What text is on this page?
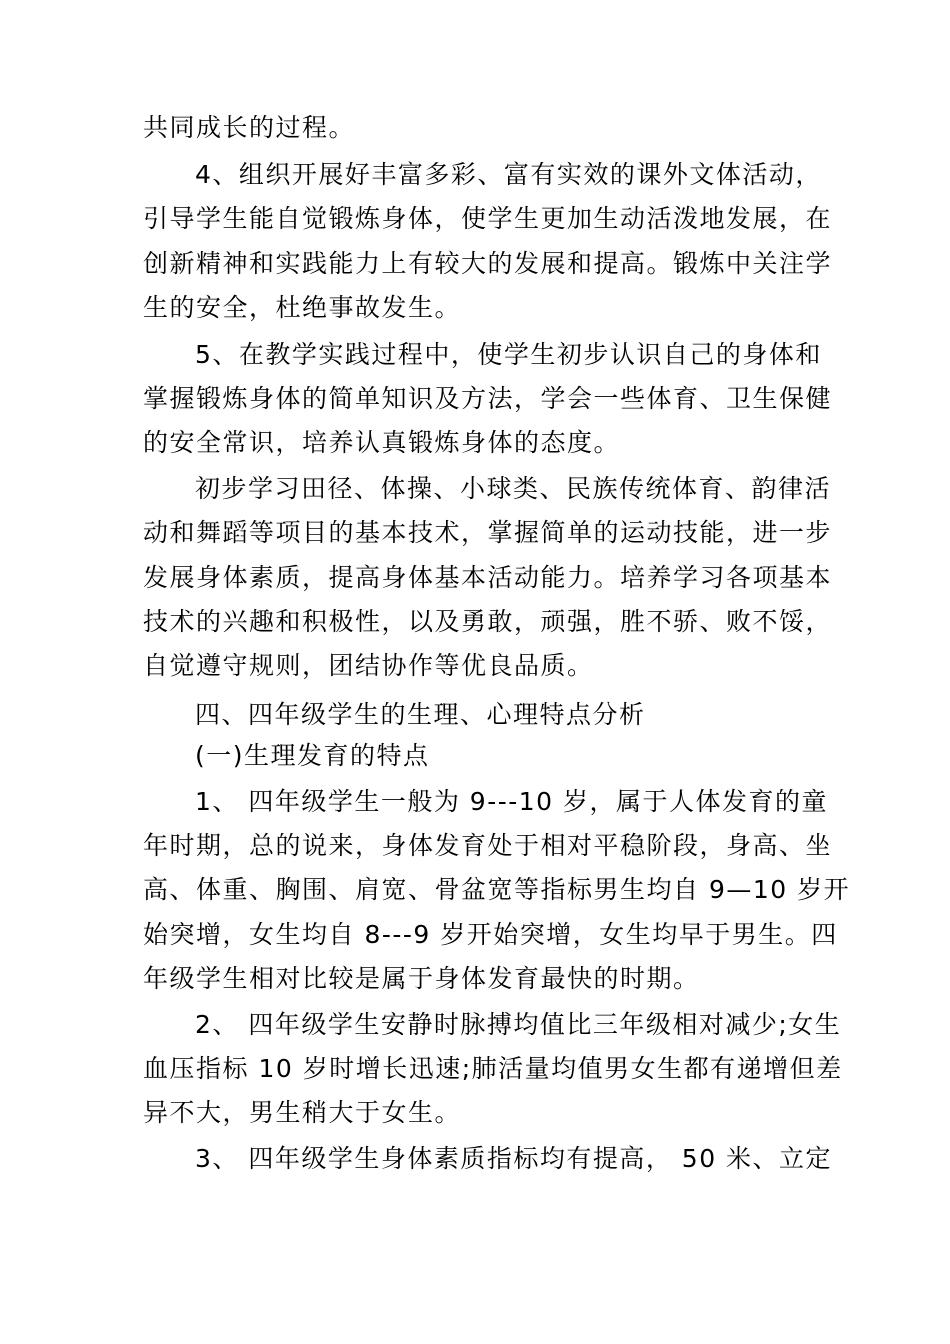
共同成长的过程。
4、组织开展好丰富多彩、富有实效的课外文体活动，
引导学生能自觉锻炼身体，使学生更加生动活泼地发展，在
创新精神和实践能力上有较大的发展和提高。锻炼中关注学
生的安全，杜绝事故发生。
5、在教学实践过程中，使学生初步认识自己的身体和
掌握锻炼身体的简单知识及方法，学会一些体育、卫生保健
的安全常识，培养认真锻炼身体的态度。
初步学习田径、体操、小球类、民族传统体育、韵律活
动和舞蹈等项目的基本技术，掌握简单的运动技能，进一步
发展身体素质，提高身体基本活动能力。培养学习各项基本
技术的兴趣和积极性，以及勇敢，顽强，胜不骄、败不馁，
自觉遵守规则，团结协作等优良品质。
四、四年级学生的生理、心理特点分析
(一)生理发育的特点
1、 四年级学生一般为 9---10 岁，属于人体发育的童
年时期，总的说来，身体发育处于相对平稳阶段，身高、坐
高、体重、胸围、肩宽、骨盆宽等指标男生均自 9—10 岁开
始突增，女生均自 8---9 岁开始突增，女生均早于男生。四
年级学生相对比较是属于身体发育最快的时期。
2、 四年级学生安静时脉搏均值比三年级相对减少;女生
血压指标 10 岁时增长迅速;肺活量均值男女生都有递增但差
异不大，男生稍大于女生。
3、 四年级学生身体素质指标均有提高， 50 米、立定
